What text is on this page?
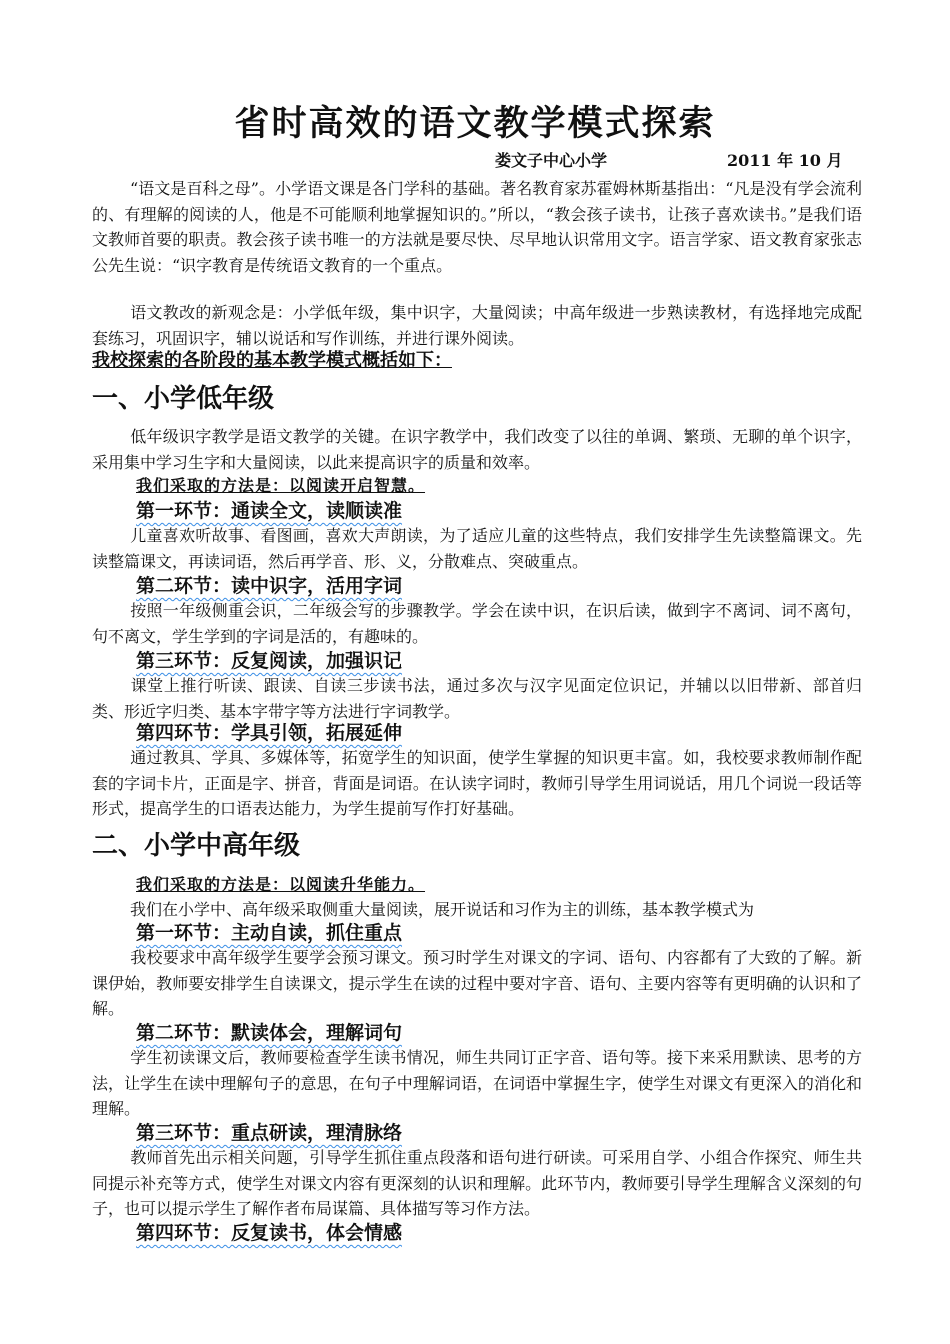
省时高效的语文教学模式探索
娄文子中心小学	2011 年 10 月
“语文是百科之母”。小学语文课是各门学科的基础。著名教育家苏霍姆林斯基指出：“凡是没有学会流利的、有理解的阅读的人，他是不可能顺利地掌握知识的。”所以，“教会孩子读书，让孩子喜欢读书。”是我们语文教师首要的职责。教会孩子读书唯一的方法就是要尽快、尽早地认识常用文字。语言学家、语文教育家张志公先生说：“识字教育是传统语文教育的一个重点。
语文教改的新观念是：小学低年级，集中识字，大量阅读；中高年级进一步熟读教材，有选择地完成配套练习，巩固识字，辅以说话和写作训练，并进行课外阅读。
我校探索的各阶段的基本教学模式概括如下：
一、小学低年级
低年级识字教学是语文教学的关键。在识字教学中，我们改变了以往的单调、繁琐、无聊的单个识字，采用集中学习生字和大量阅读，以此来提高识字的质量和效率。
我们采取的方法是：以阅读开启智慧。
第一环节：通读全文，读顺读准
儿童喜欢听故事、看图画，喜欢大声朗读，为了适应儿童的这些特点，我们安排学生先读整篇课文。先读整篇课文，再读词语，然后再学音、形、义，分散难点、突破重点。
第二环节：读中识字，活用字词
按照一年级侧重会识，二年级会写的步骤教学。学会在读中识，在识后读，做到字不离词、词不离句，句不离文，学生学到的字词是活的，有趣味的。
第三环节：反复阅读，加强识记
课堂上推行听读、跟读、自读三步读书法，通过多次与汉字见面定位识记，并辅以以旧带新、部首归类、形近字归类、基本字带字等方法进行字词教学。
第四环节：学具引领，拓展延伸
通过教具、学具、多媒体等，拓宽学生的知识面，使学生掌握的知识更丰富。如，我校要求教师制作配套的字词卡片，正面是字、拼音，背面是词语。在认读字词时，教师引导学生用词说话，用几个词说一段话等形式，提高学生的口语表达能力，为学生提前写作打好基础。
二、小学中高年级
我们采取的方法是：以阅读升华能力。
我们在小学中、高年级采取侧重大量阅读，展开说话和习作为主的训练，基本教学模式为
第一环节：主动自读，抓住重点
我校要求中高年级学生要学会预习课文。预习时学生对课文的字词、语句、内容都有了大致的了解。新课伊始，教师要安排学生自读课文，提示学生在读的过程中要对字音、语句、主要内容等有更明确的认识和了解。
第二环节：默读体会，理解词句
学生初读课文后，教师要检查学生读书情况，师生共同订正字音、语句等。接下来采用默读、思考的方法，让学生在读中理解句子的意思，在句子中理解词语，在词语中掌握生字，使学生对课文有更深入的消化和理解。
第三环节：重点研读，理清脉络
教师首先出示相关问题，引导学生抓住重点段落和语句进行研读。可采用自学、小组合作探究、师生共同提示补充等方式，使学生对课文内容有更深刻的认识和理解。此环节内，教师要引导学生理解含义深刻的句子，也可以提示学生了解作者布局谋篇、具体描写等习作方法。
第四环节：反复读书，体会情感
